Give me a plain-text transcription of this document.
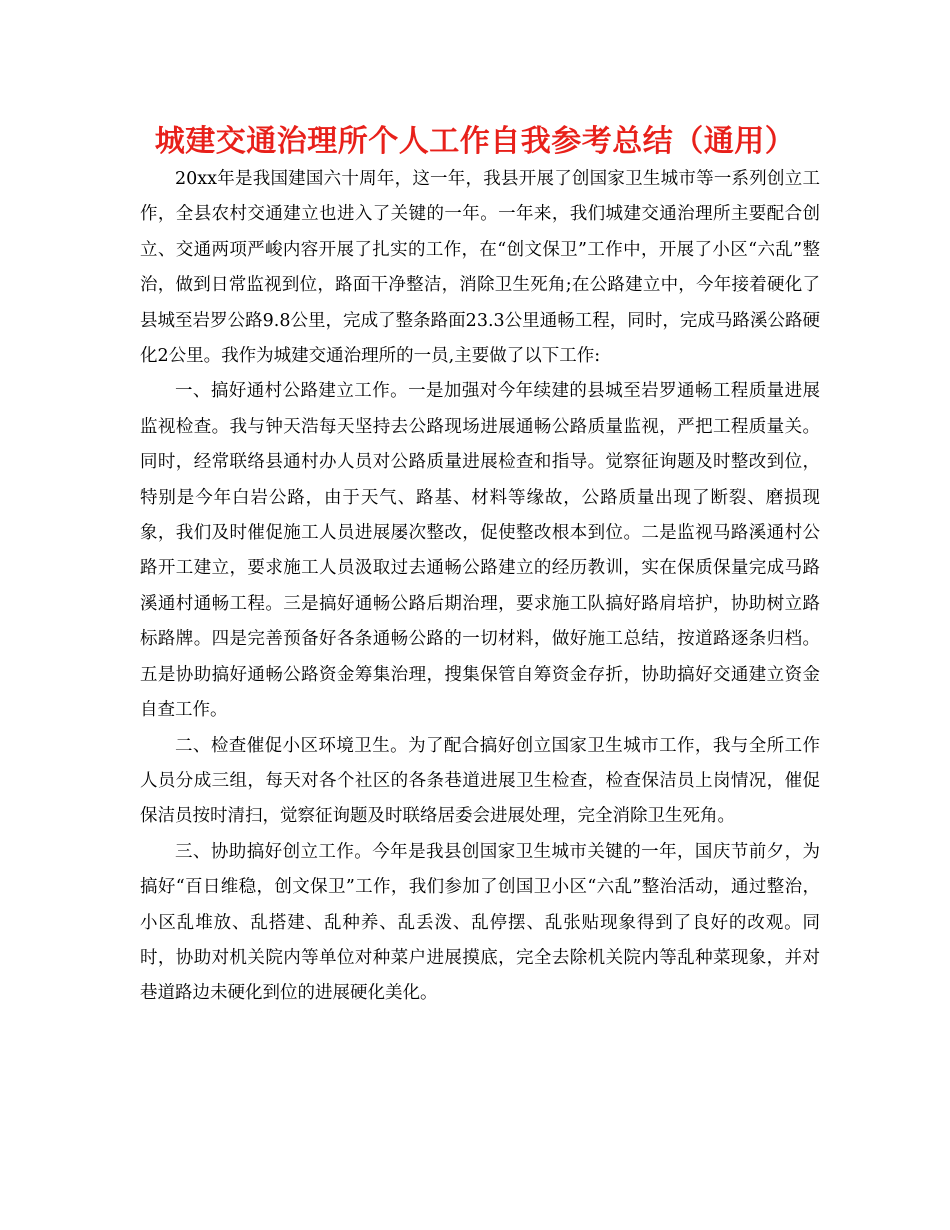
城建交通治理所个人工作自我参考总结（通用）

20xx年是我国建国六十周年，这一年，我县开展了创国家卫生城市等一系列创立工作，全县农村交通建立也进入了关键的一年。一年来，我们城建交通治理所主要配合创立、交通两项严峻内容开展了扎实的工作，在“创文保卫”工作中，开展了小区“六乱”整治，做到日常监视到位，路面干净整洁，消除卫生死角;在公路建立中，今年接着硬化了县城至岩罗公路9.8公里，完成了整条路面23.3公里通畅工程，同时，完成马路溪公路硬化2公里。我作为城建交通治理所的一员,主要做了以下工作:

一、搞好通村公路建立工作。一是加强对今年续建的县城至岩罗通畅工程质量进展监视检查。我与钟天浩每天坚持去公路现场进展通畅公路质量监视，严把工程质量关。同时，经常联络县通村办人员对公路质量进展检查和指导。觉察征询题及时整改到位，特别是今年白岩公路，由于天气、路基、材料等缘故，公路质量出现了断裂、磨损现象，我们及时催促施工人员进展屡次整改，促使整改根本到位。二是监视马路溪通村公路开工建立，要求施工人员汲取过去通畅公路建立的经历教训，实在保质保量完成马路溪通村通畅工程。三是搞好通畅公路后期治理，要求施工队搞好路肩培护，协助树立路标路牌。四是完善预备好各条通畅公路的一切材料，做好施工总结，按道路逐条归档。五是协助搞好通畅公路资金筹集治理，搜集保管自筹资金存折，协助搞好交通建立资金自查工作。

二、检查催促小区环境卫生。为了配合搞好创立国家卫生城市工作，我与全所工作人员分成三组，每天对各个社区的各条巷道进展卫生检查，检查保洁员上岗情况，催促保洁员按时清扫，觉察征询题及时联络居委会进展处理，完全消除卫生死角。

三、协助搞好创立工作。今年是我县创国家卫生城市关键的一年，国庆节前夕，为搞好“百日维稳，创文保卫”工作，我们参加了创国卫小区“六乱”整治活动，通过整治，小区乱堆放、乱搭建、乱种养、乱丢泼、乱停摆、乱张贴现象得到了良好的改观。同时，协助对机关院内等单位对种菜户进展摸底，完全去除机关院内等乱种菜现象，并对巷道路边未硬化到位的进展硬化美化。
